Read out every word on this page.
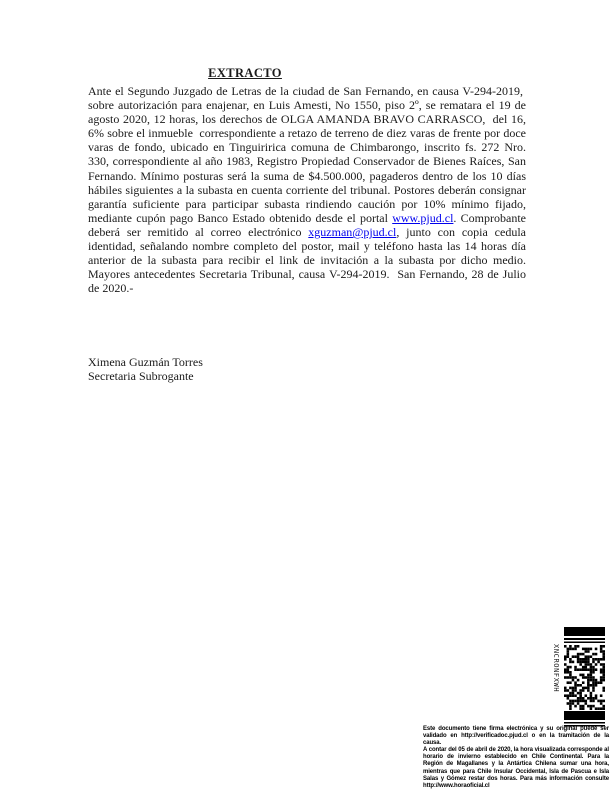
EXTRACTO
Ante el Segundo Juzgado de Letras de la ciudad de San Fernando, en causa V-294-2019,  sobre autorización para enajenar, en Luis Amesti, No 1550, piso 2º, se rematara el 19 de agosto 2020, 12 horas, los derechos de OLGA AMANDA BRAVO CARRASCO,  del 16, 6% sobre el inmueble  correspondiente a retazo de terreno de diez varas de frente por doce varas de fondo, ubicado en Tinguiririca comuna de Chimbarongo, inscrito fs. 272 Nro. 330, correspondiente al año 1983, Registro Propiedad Conservador de Bienes Raíces, San Fernando. Mínimo posturas será la suma de $4.500.000, pagaderos dentro de los 10 días hábiles siguientes a la subasta en cuenta corriente del tribunal. Postores deberán consignar garantía suficiente para participar subasta rindiendo caución por 10% mínimo fijado, mediante cupón pago Banco Estado obtenido desde el portal www.pjud.cl. Comprobante deberá ser remitido al correo electrónico xguzman@pjud.cl, junto con copia cedula identidad, señalando nombre completo del postor, mail y teléfono hasta las 14 horas día anterior de la subasta para recibir el link de invitación a la subasta por dicho medio. Mayores antecedentes Secretaria Tribunal, causa V-294-2019.  San Fernando, 28 de Julio de 2020.-
Ximena Guzmán Torres
Secretaria Subrogante
XNCRONFXWH

Este documento tiene firma electrónica y su original puede ser validado en http://verificadoc.pjud.cl o en la tramitación de la causa.

A contar del 05 de abril de 2020, la hora visualizada corresponde al horario de invierno establecido en Chile Continental. Para la Región de Magallanes y la Antártica Chilena sumar una hora, mientras que para Chile Insular Occidental, Isla de Pascua e Isla Salas y Gómez restar dos horas. Para más información consulte http://www.horaoficial.cl
